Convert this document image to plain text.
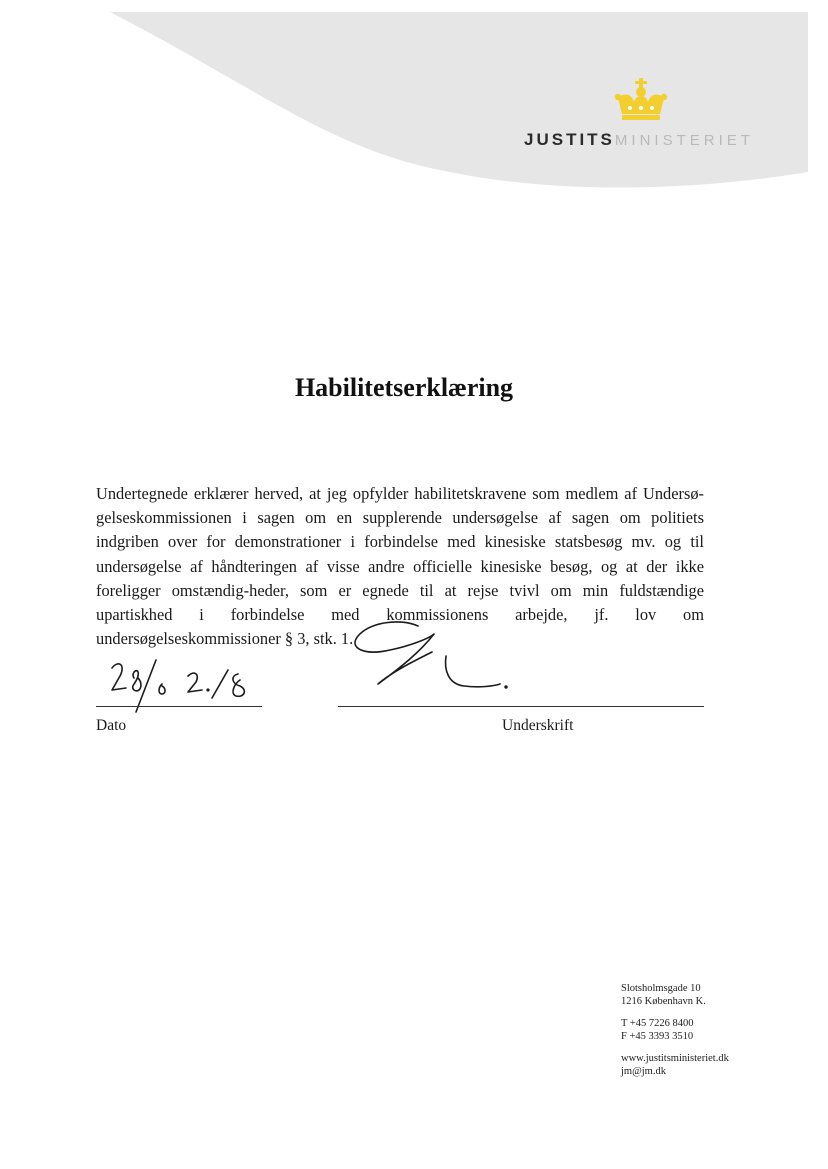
JUSTITSMINISTERIET
Habilitetserklæring

Undertegnede erklærer herved, at jeg opfylder habilitetskravene som medlem af Undersø-gelseskommissionen i sagen om en supplerende undersøgelse af sagen om politiets indgriben over for demonstrationer i forbindelse med kinesiske statsbesøg mv. og til undersøgelse af håndteringen af visse andre officielle kinesiske besøg, og at der ikke foreligger omstændig-heder, som er egnede til at rejse tvivl om min fuldstændige upartiskhed i forbindelse med kommissionens arbejde, jf. lov om undersøgelseskommissioner § 3, stk. 1.

Dato	Underskrift
Slotsholmsgade 10
1216 København K.
T +45 7226 8400
F +45 3393 3510
www.justitsministeriet.dk
jm@jm.dk
